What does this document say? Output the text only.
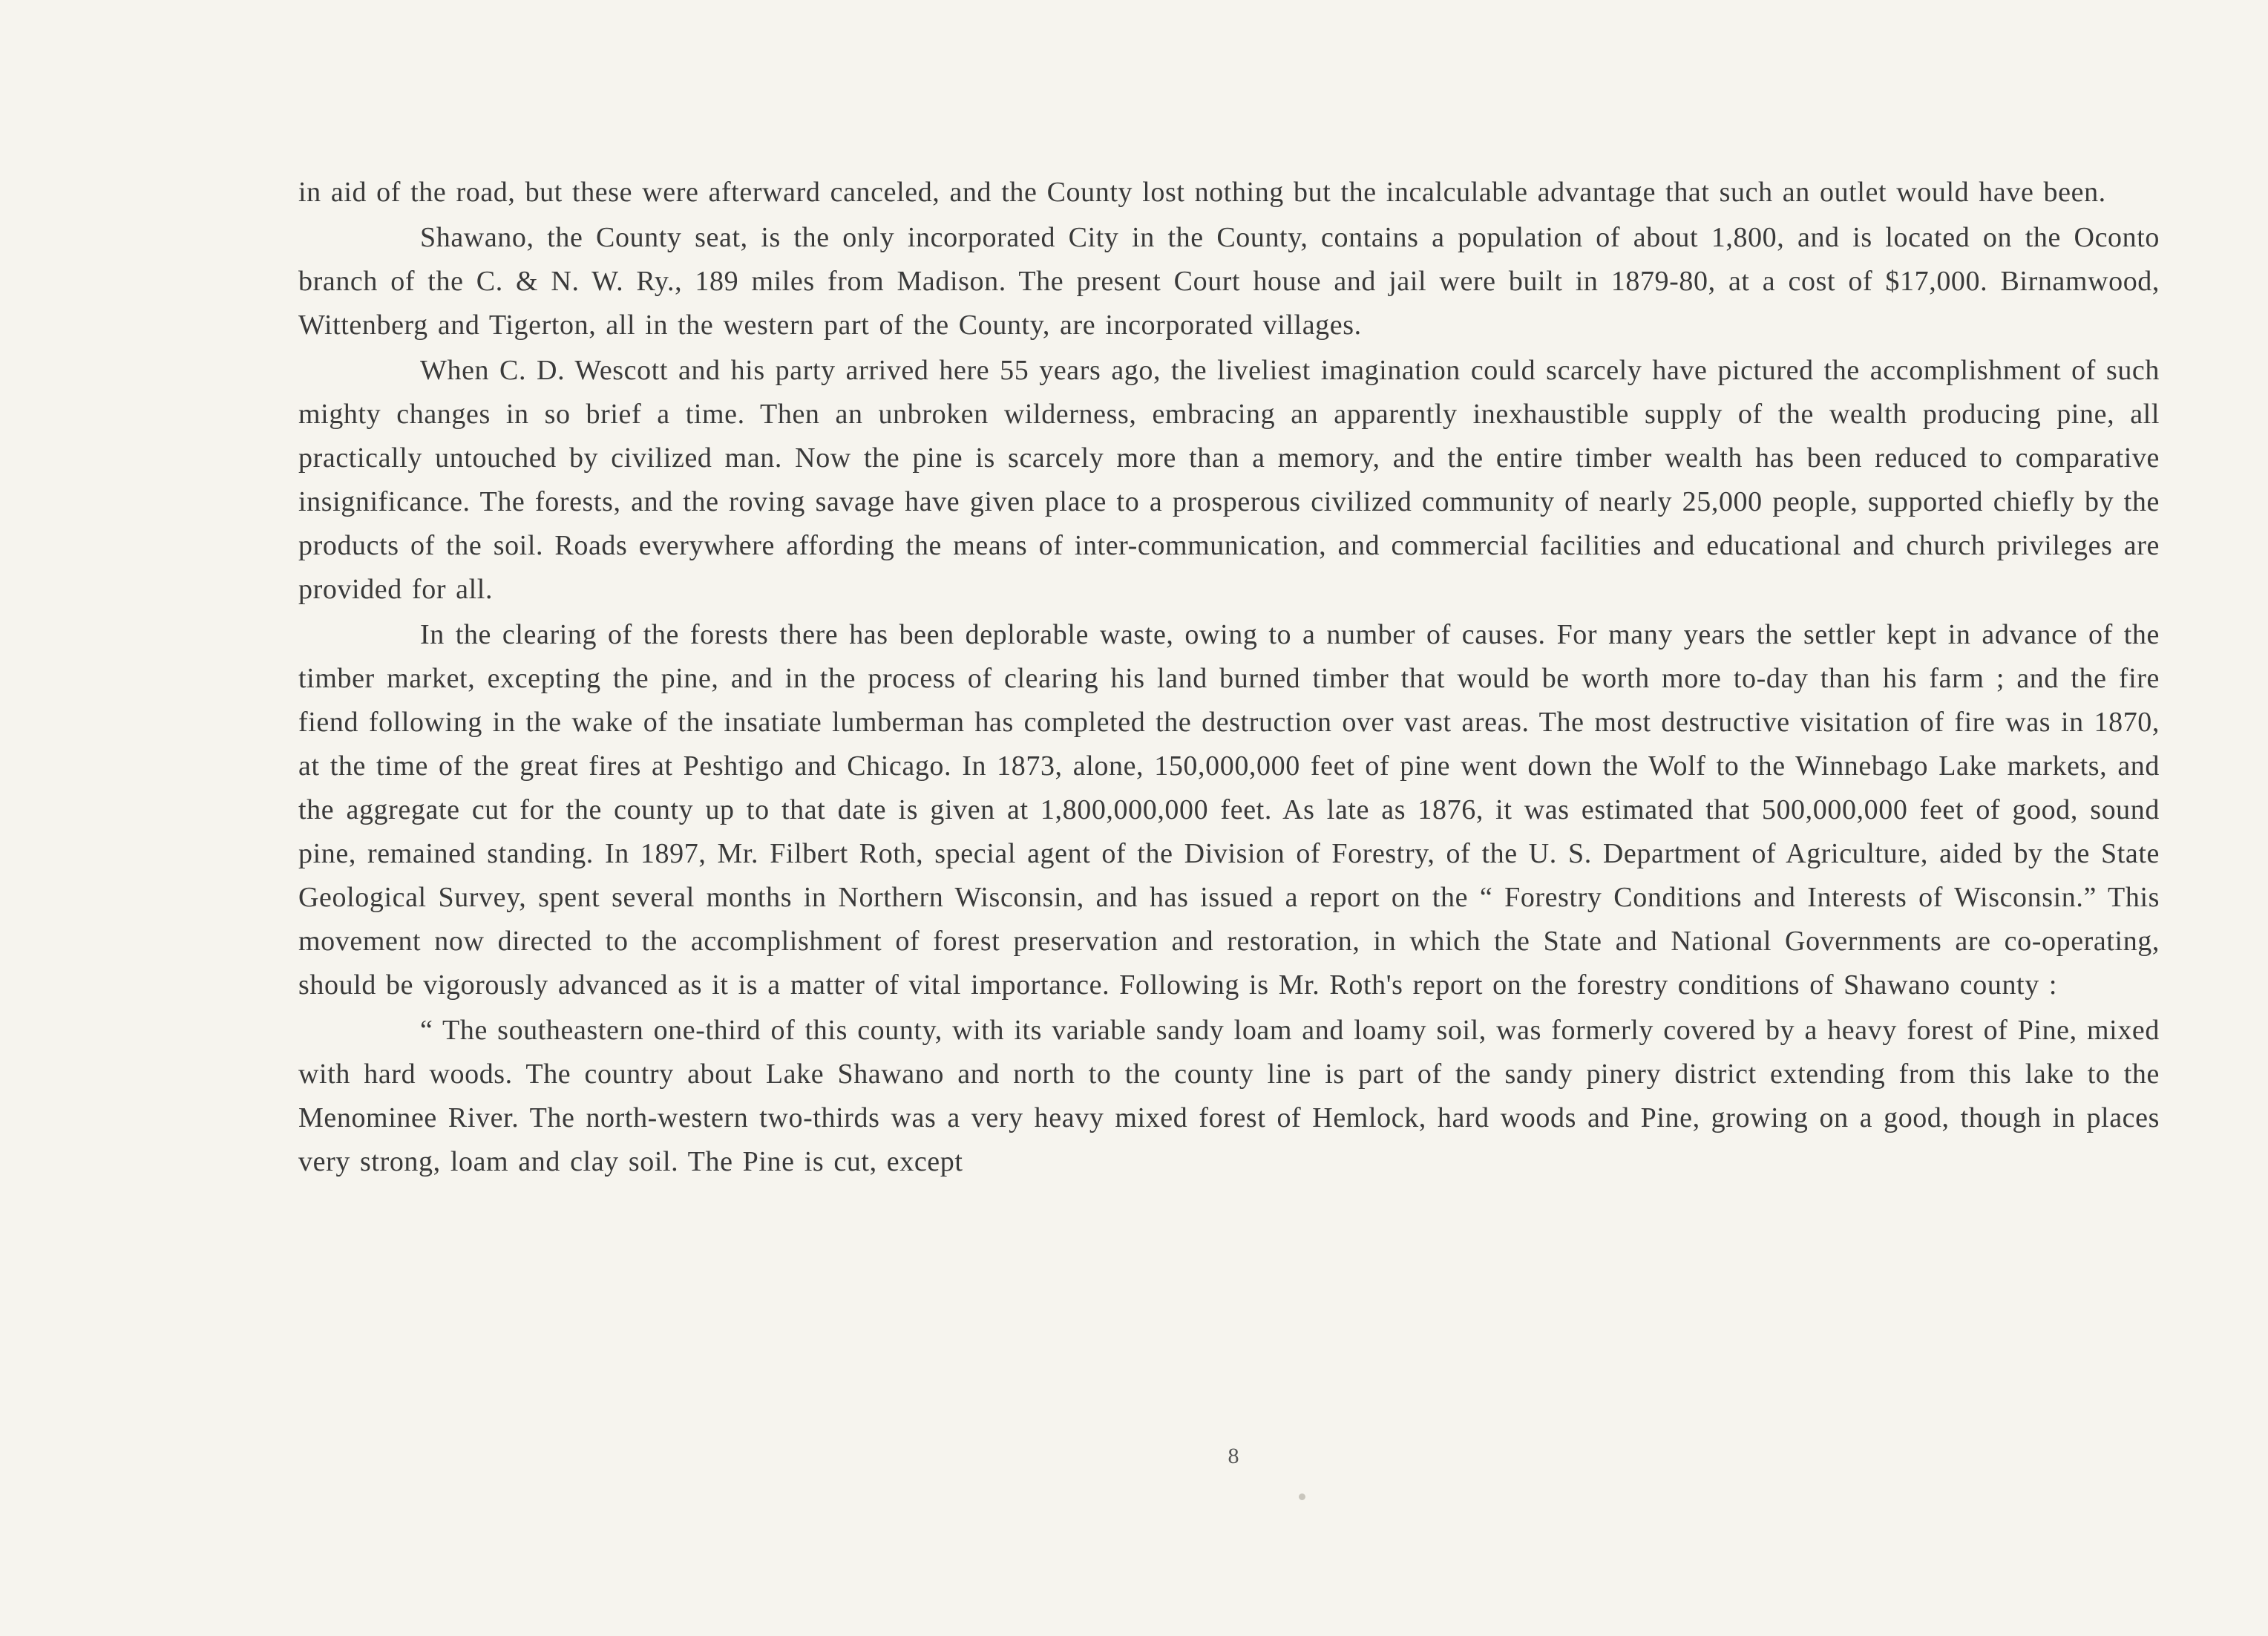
in aid of the road, but these were afterward canceled, and the County lost nothing but the incalculable advantage that such an outlet would have been.

Shawano, the County seat, is the only incorporated City in the County, contains a population of about 1,800, and is located on the Oconto branch of the C. & N. W. Ry., 189 miles from Madison. The present Court house and jail were built in 1879-80, at a cost of $17,000. Birnamwood, Wittenberg and Tigerton, all in the western part of the County, are incorporated villages.

When C. D. Wescott and his party arrived here 55 years ago, the liveliest imagination could scarcely have pictured the accomplishment of such mighty changes in so brief a time. Then an unbroken wilderness, embracing an apparently inexhaustible supply of the wealth producing pine, all practically untouched by civilized man. Now the pine is scarcely more than a memory, and the entire timber wealth has been reduced to comparative insignificance. The forests, and the roving savage have given place to a prosperous civilized community of nearly 25,000 people, supported chiefly by the products of the soil. Roads everywhere affording the means of inter-communication, and commercial facilities and educational and church privileges are provided for all.

In the clearing of the forests there has been deplorable waste, owing to a number of causes. For many years the settler kept in advance of the timber market, excepting the pine, and in the process of clearing his land burned timber that would be worth more to-day than his farm ; and the fire fiend following in the wake of the insatiate lumberman has completed the destruction over vast areas. The most destructive visitation of fire was in 1870, at the time of the great fires at Peshtigo and Chicago. In 1873, alone, 150,000,000 feet of pine went down the Wolf to the Winnebago Lake markets, and the aggregate cut for the county up to that date is given at 1,800,000,000 feet. As late as 1876, it was estimated that 500,000,000 feet of good, sound pine, remained standing. In 1897, Mr. Filbert Roth, special agent of the Division of Forestry, of the U. S. Department of Agriculture, aided by the State Geological Survey, spent several months in Northern Wisconsin, and has issued a report on the “ Forestry Conditions and Interests of Wisconsin.” This movement now directed to the accomplishment of forest preservation and restoration, in which the State and National Governments are co-operating, should be vigorously advanced as it is a matter of vital importance. Following is Mr. Roth's report on the forestry conditions of Shawano county :

“ The southeastern one-third of this county, with its variable sandy loam and loamy soil, was formerly covered by a heavy forest of Pine, mixed with hard woods. The country about Lake Shawano and north to the county line is part of the sandy pinery district extending from this lake to the Menominee River. The north-western two-thirds was a very heavy mixed forest of Hemlock, hard woods and Pine, growing on a good, though in places very strong, loam and clay soil. The Pine is cut, except

8
